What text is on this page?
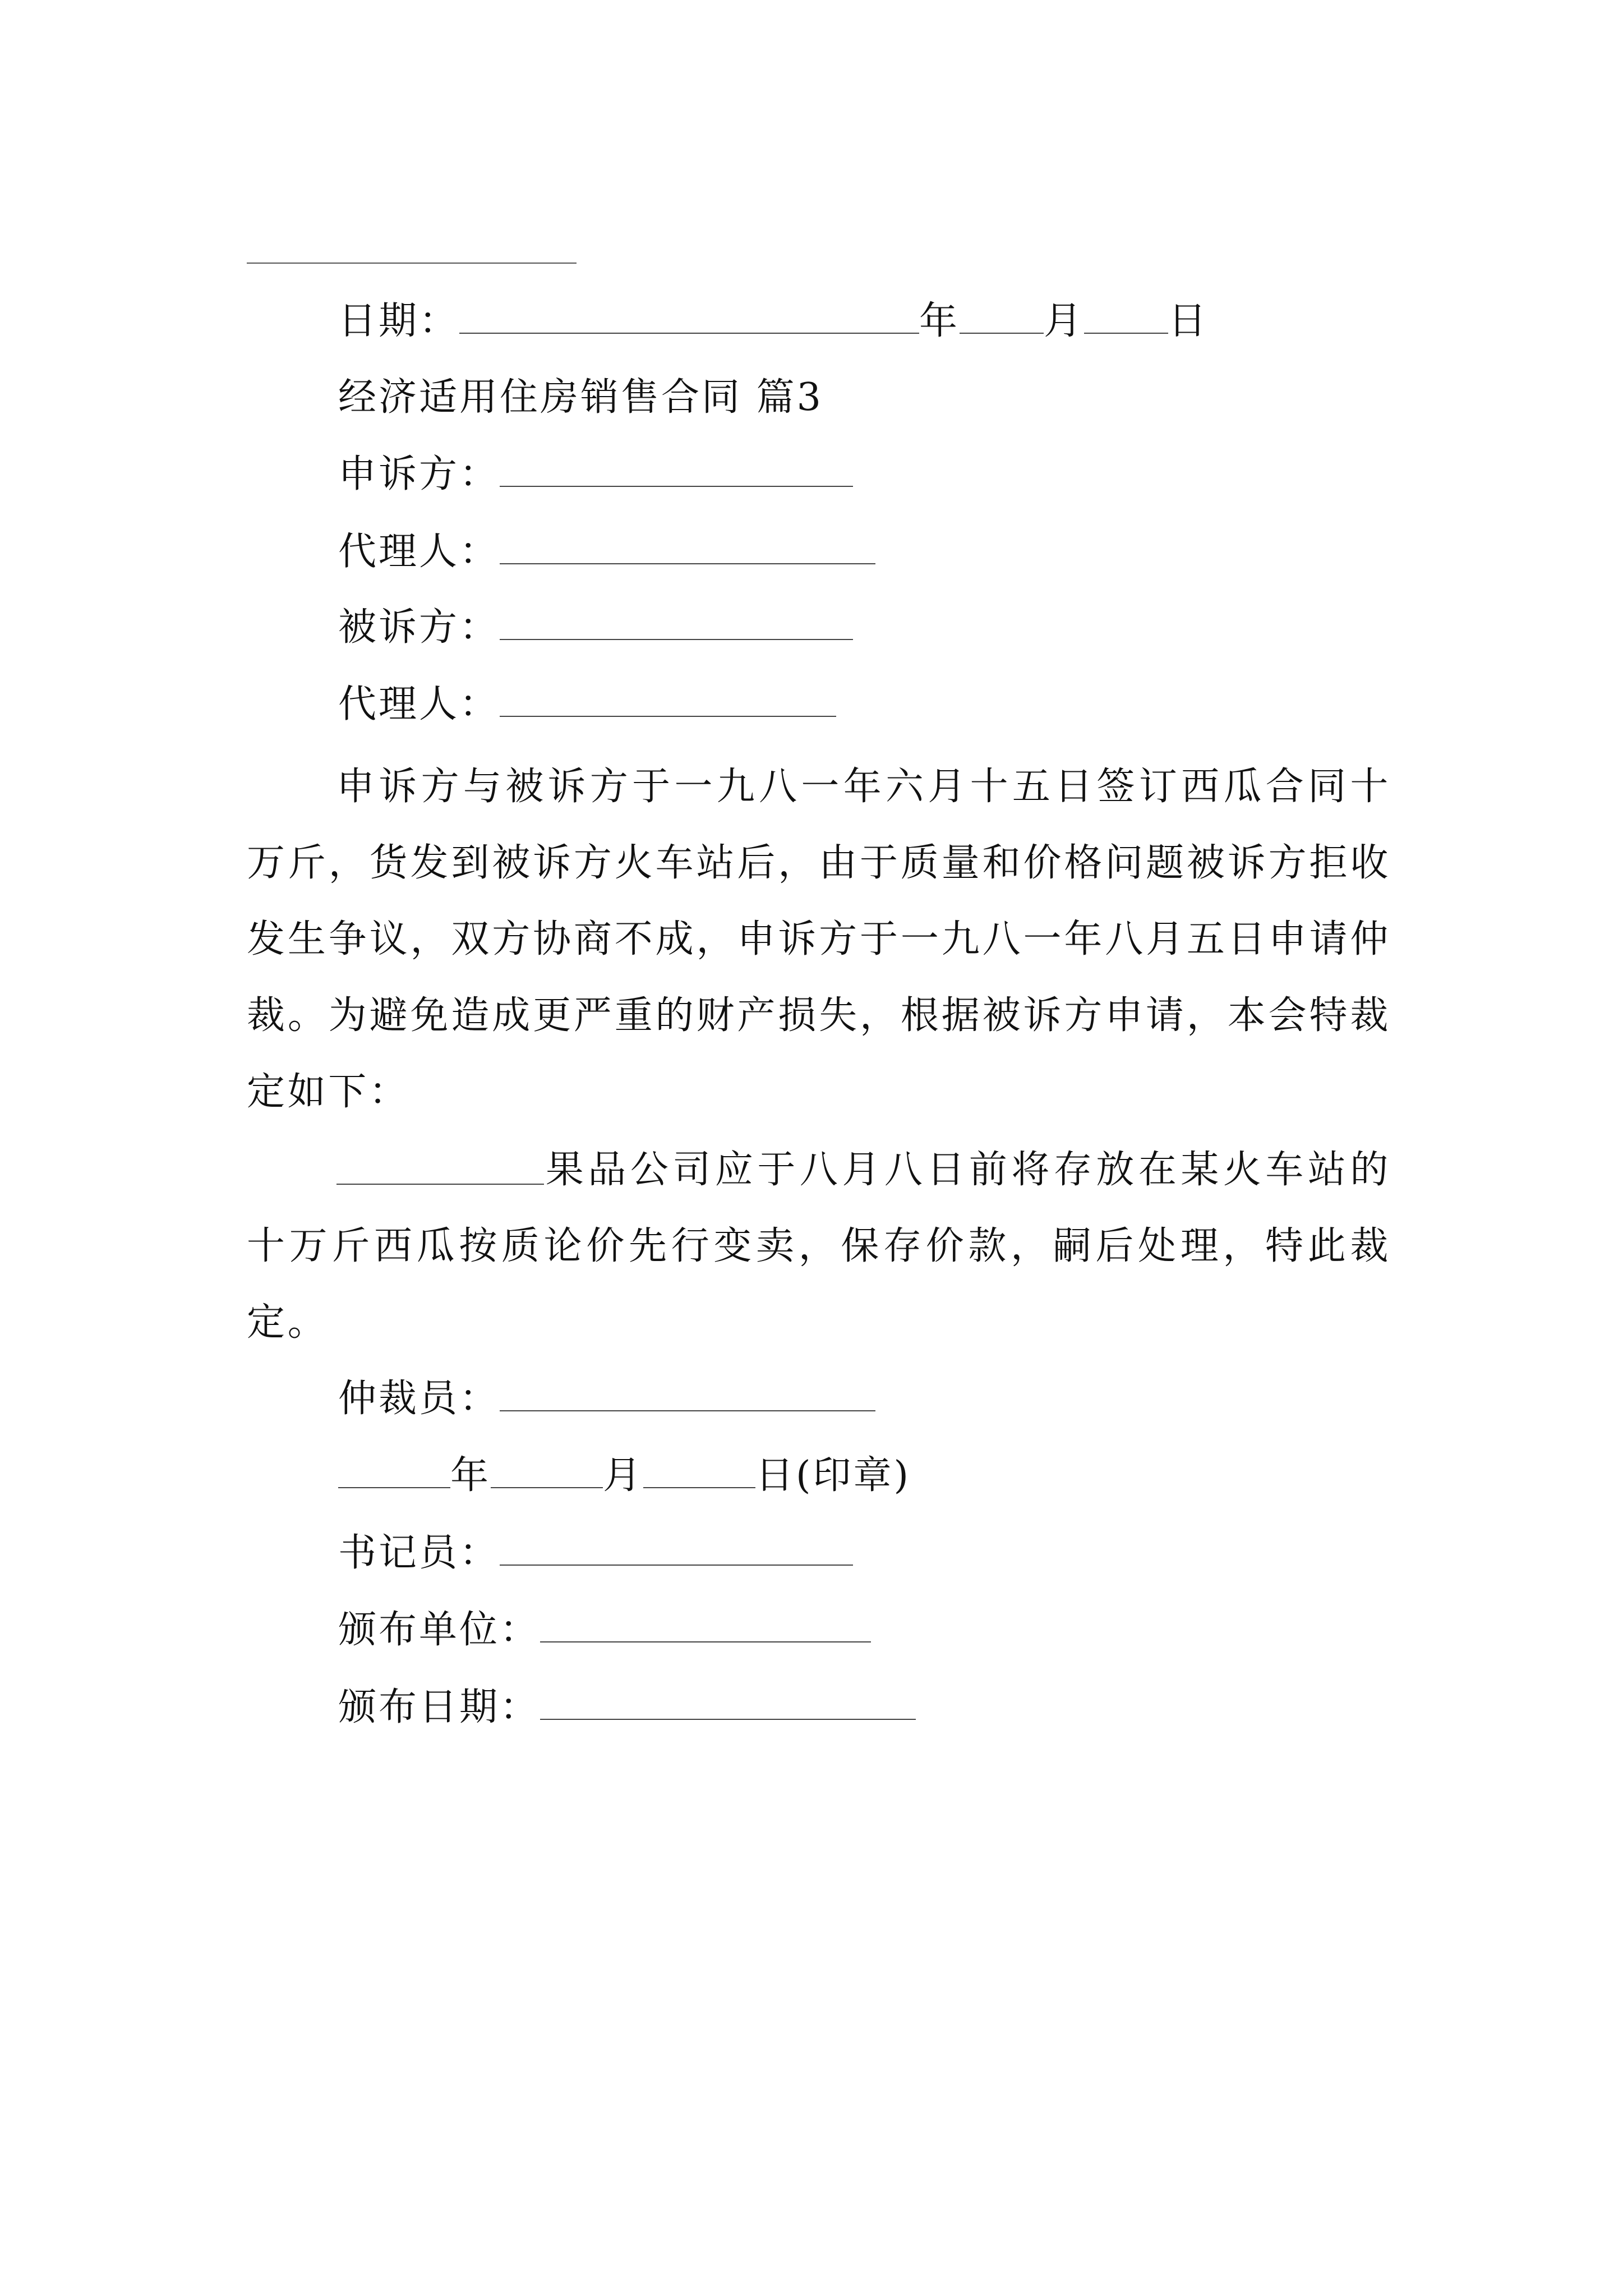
日期：	年 月 日
经济适用住房销售合同 篇3
申诉方：
代理人：
被诉方：
代理人：
申诉方与被诉方于一九八一年六月十五日签订西瓜合同十万斤，货发到被诉方火车站后，由于质量和价格问题被诉方拒收发生争议，双方协商不成，申诉方于一九八一年八月五日申请仲裁。为避免造成更严重的财产损失，根据被诉方申请，本会特裁定如下：
果品公司应于八月八日前将存放在某火车站的十万斤西瓜按质论价先行变卖，保存价款，嗣后处理，特此裁定。
仲裁员：
年	月	日(印章)
书记员：
颁布单位：
颁布日期：
